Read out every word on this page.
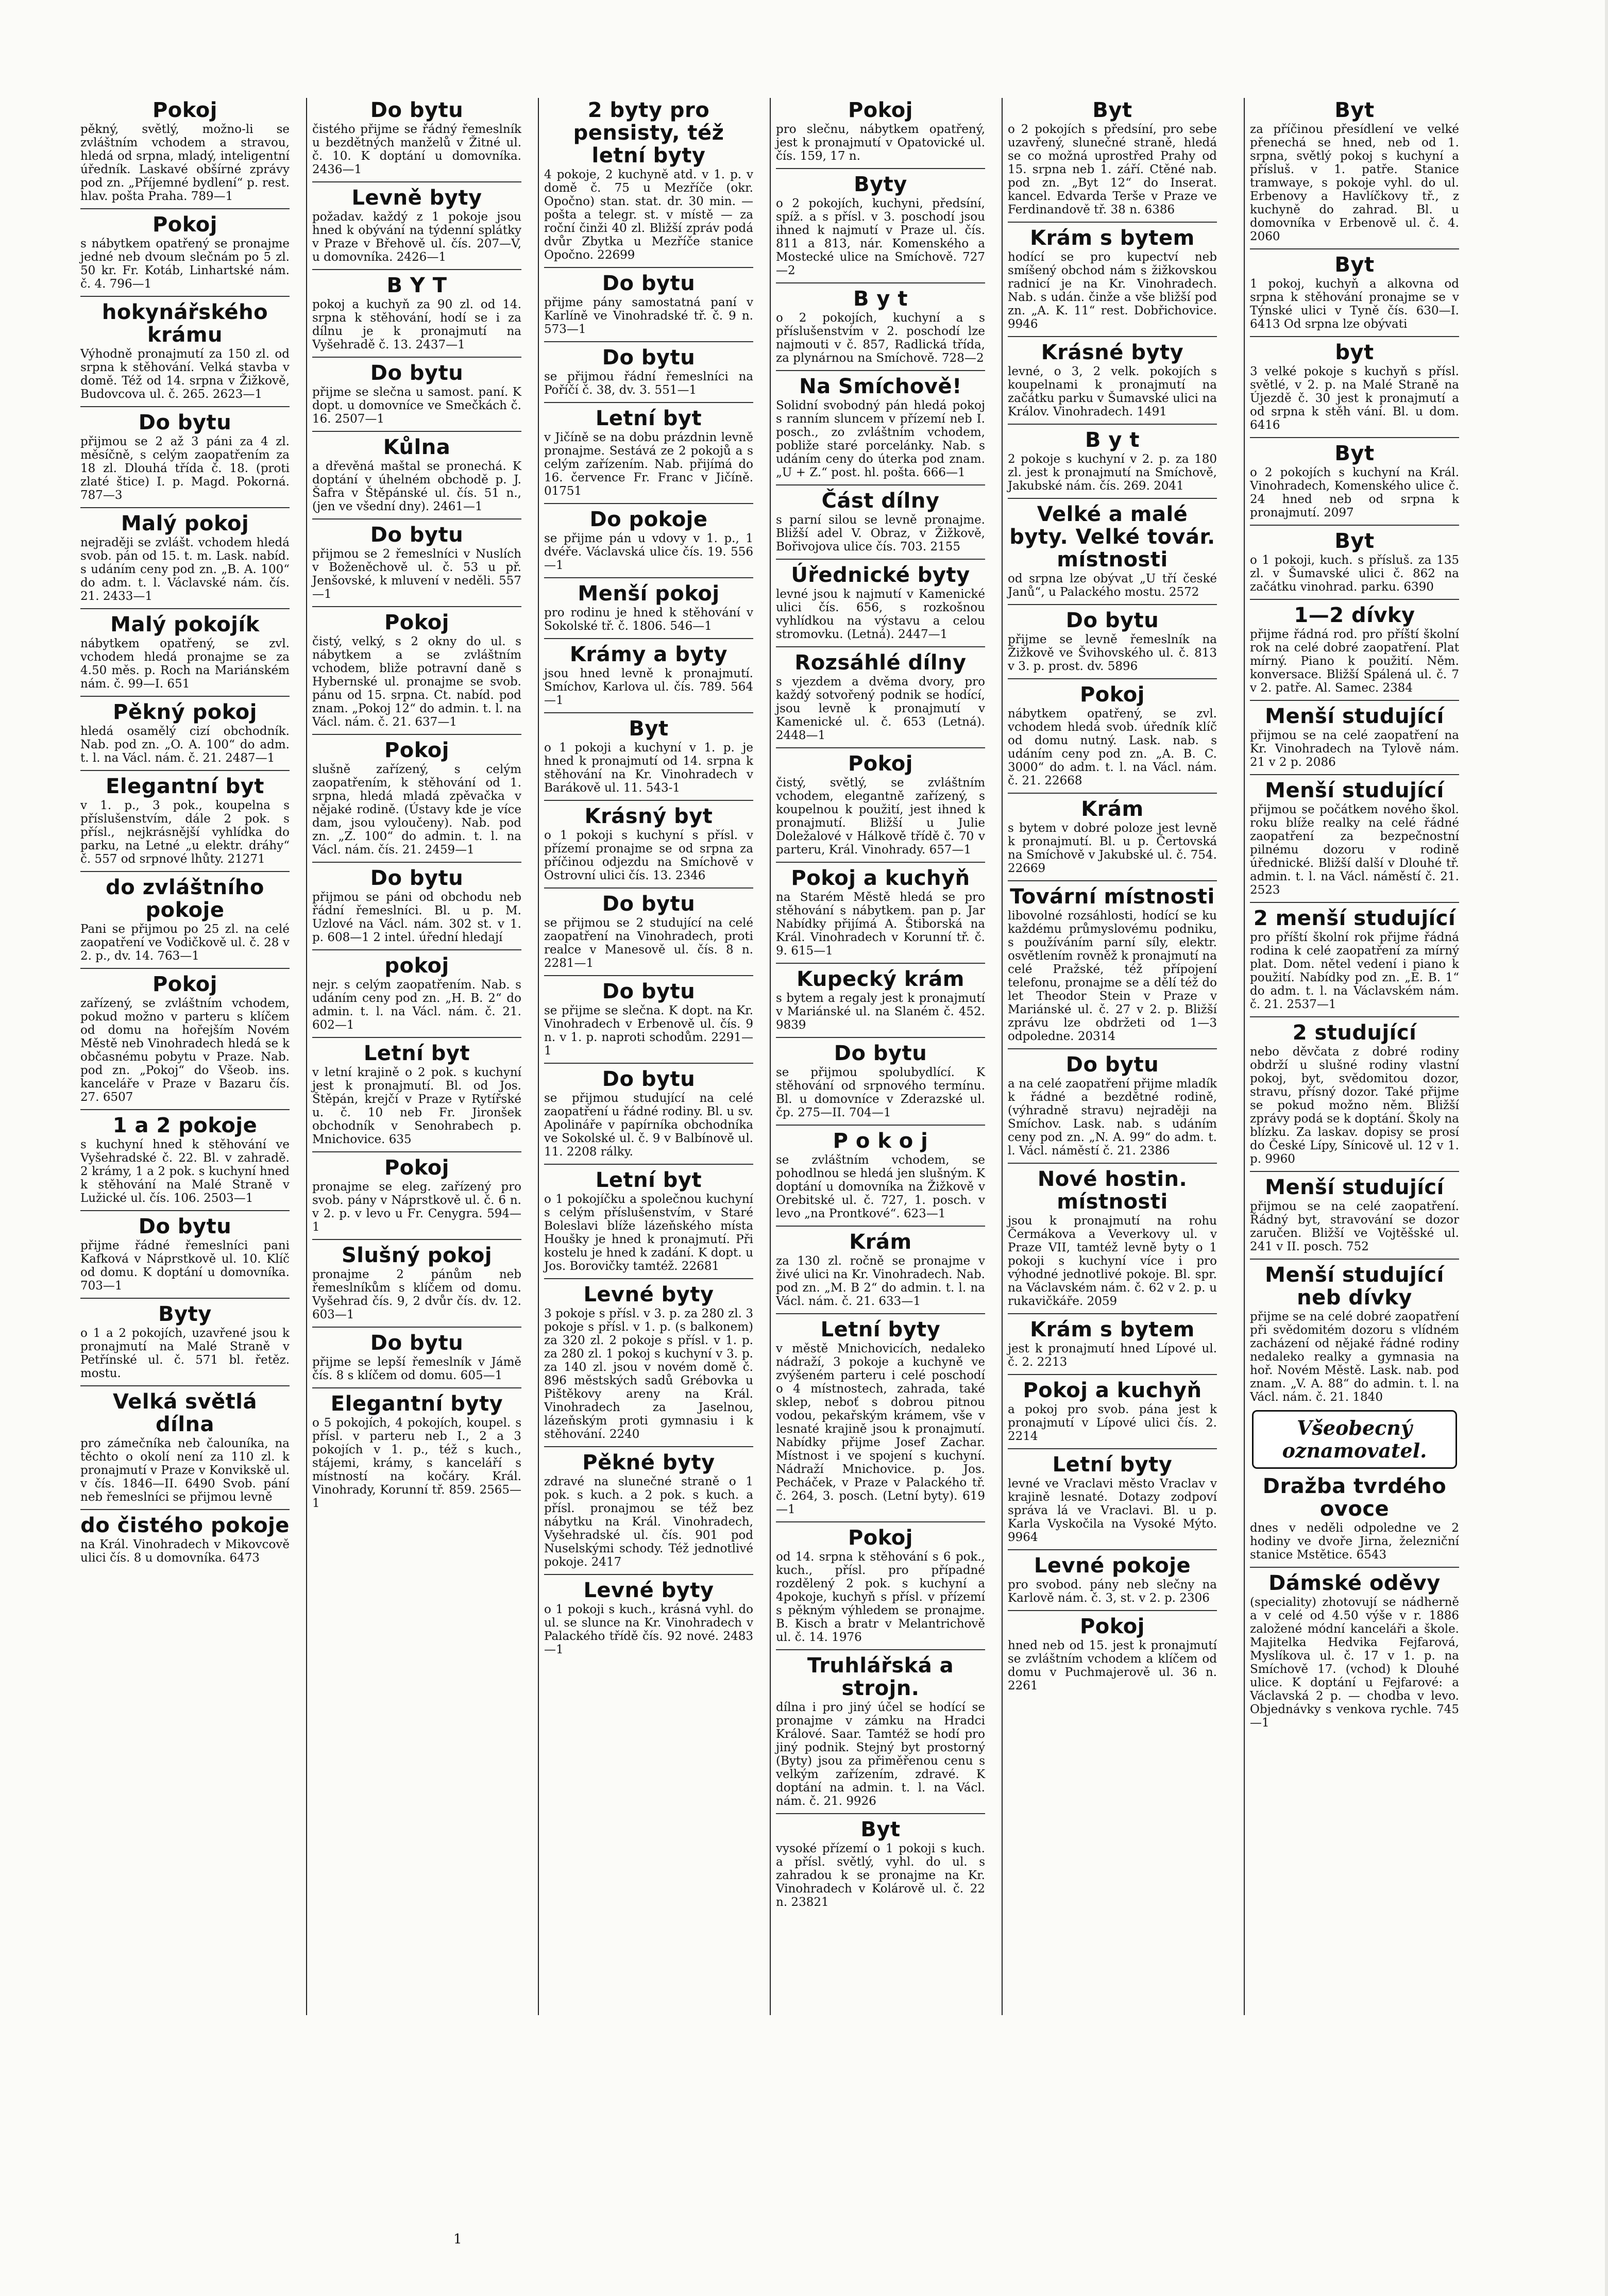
Pokoj

pěkný, světlý, možno-li se zvláštním vchodem a stravou, hledá od srpna, mladý, inteligentní úředník. Laskavé obšírné zprávy pod zn. „Příjemné bydlení“ p. rest. hlav. pošta Praha. 789—1

Pokoj

s nábytkem opatřený se pronajme jedné neb dvoum slečnám po 5 zl. 50 kr. Fr. Kotáb, Linhartské nám. č. 4. 796—1

hokynářského krámu

Výhodně pronajmutí za 150 zl. od srpna k stěhování. Velká stavba v domě. Též od 14. srpna v Žižkově, Budovcova ul. č. 265. 2623—1

Do bytu

přijmou se 2 až 3 páni za 4 zl. měsíčně, s celým zaopatřením za 18 zl. Dlouhá třída č. 18. (proti zlaté štice) I. p. Magd. Pokorná. 787—3

Malý pokoj

nejraději se zvlášt. vchodem hledá svob. pán od 15. t. m. Lask. nabíd. s udáním ceny pod zn. „B. A. 100“ do adm. t. l. Václavské nám. čís. 21. 2433—1

Malý pokojík

nábytkem opatřený, se zvl. vchodem hledá pronajme se za 4.50 měs. p. Roch na Mariánském nám. č. 99—I. 651

Pěkný pokoj

hledá osamělý cizí obchodník. Nab. pod zn. „O. A. 100“ do adm. t. l. na Václ. nám. č. 21. 2487—1

Elegantní byt

v 1. p., 3 pok., koupelna s příslušenstvím, dále 2 pok. s přísl., nejkrásnější vyhlídka do parku, na Letné „u elektr. dráhy“ č. 557 od srpnové lhůty. 21271

do zvláštního pokoje

Pani se přijmou po 25 zl. na celé zaopatření ve Vodičkově ul. č. 28 v 2. p., dv. 14. 763—1

Pokoj

zařízený, se zvláštním vchodem, pokud možno v parteru s klíčem od domu na hořejším Novém Městě neb Vinohradech hledá se k občasnému pobytu v Praze. Nab. pod zn. „Pokoj“ do Všeob. ins. kanceláře v Praze v Bazaru čís. 27. 6507

1 a 2 pokoje

s kuchyní hned k stěhování ve Vyšehradské č. 22. Bl. v zahradě. 2 krámy, 1 a 2 pok. s kuchyní hned k stěhování na Malé Straně v Lužické ul. čís. 106. 2503—1

Do bytu

přijme řádné řemeslníci pani Kafková v Náprstkově ul. 10. Klíč od domu. K doptání u domovníka. 703—1

Byty

o 1 a 2 pokojích, uzavřené jsou k pronajmutí na Malé Straně v Petřínské ul. č. 571 bl. řetěz. mostu.

Velká světlá dílna

pro zámečníka neb čalouníka, na těchto o okolí není za 110 zl. k pronajmutí v Praze v Konvikskě ul. v čís. 1846—II. 6490 Svob. pání neb řemeslníci se přijmou levně

do čistého pokoje

na Král. Vinohradech v Mikovcově ulici čís. 8 u domovníka. 6473

Do bytu

čistého přijme se řádný řemeslník u bezdětných manželů v Žitné ul. č. 10. K doptání u domovníka. 2436—1

Levně byty

požadav. každý z 1 pokoje jsou hned k obývání na týdenní splátky v Praze v Břehově ul. čís. 207—V, u domovníka. 2426—1

B Y T

pokoj a kuchyň za 90 zl. od 14. srpna k stěhování, hodí se i za dílnu je k pronajmutí na Vyšehradě č. 13. 2437—1

Do bytu

přijme se slečna u samost. paní. K dopt. u domovníce ve Smečkách č. 16. 2507—1

Kůlna

a dřevěná maštal se pronechá. K doptání v úhelném obchodě p. J. Šafra v Štěpánské ul. čís. 51 n., (jen ve všední dny). 2461—1

Do bytu

přijmou se 2 řemeslníci v Nuslích v Boženěchově ul. č. 53 u př. Jenšovské, k mluvení v neděli. 557—1

Pokoj

čistý, velký, s 2 okny do ul. s nábytkem a se zvláštním vchodem, bliže potravní daně s Hybernské ul. pronajme se svob. pánu od 15. srpna. Ct. nabíd. pod znam. „Pokoj 12“ do admin. t. l. na Václ. nám. č. 21. 637—1

Pokoj

slušně zařízený, s celým zaopatřením, k stěhování od 1. srpna, hledá mladá zpěvačka v nějaké rodině. (Ústavy kde je více dam, jsou vyloučeny). Nab. pod zn. „Z. 100“ do admin. t. l. na Václ. nám. čís. 21. 2459—1

Do bytu

přijmou se páni od obchodu neb řádní řemeslníci. Bl. u p. M. Uzlové na Václ. nám. 302 st. v 1. p. 608—1 2 intel. úřední hledají

pokoj

nejr. s celým zaopatřením. Nab. s udáním ceny pod zn. „H. B. 2“ do admin. t. l. na Václ. nám. č. 21. 602—1

Letní byt

v letní krajině o 2 pok. s kuchyní jest k pronajmutí. Bl. od Jos. Štěpán, krejčí v Praze v Rytířské u. č. 10 neb Fr. Jironšek obchodník v Senohrabech p. Mnichovice. 635

Pokoj

pronajme se eleg. zařízený pro svob. pány v Náprstkově ul. č. 6 n. v 2. p. v levo u Fr. Cenygra. 594—1

Slušný pokoj

pronajme 2 pánům neb řemeslníkům s klíčem od domu. Vyšehrad čís. 9, 2 dvůr čís. dv. 12. 603—1

Do bytu

přijme se lepší řemeslník v Jámě čís. 8 s klíčem od domu. 605—1

Elegantní byty

o 5 pokojích, 4 pokojích, koupel. s přísl. v parteru neb I., 2 a 3 pokojích v 1. p., též s kuch., stájemi, krámy, s kanceláří s místností na kočáry. Král. Vinohrady, Korunní tř. 859. 2565—1

2 byty pro pensisty, též letní byty

4 pokoje, 2 kuchyně atd. v 1. p. v domě č. 75 u Mezříče (okr. Opočno) stan. stat. dr. 30 min. — pošta a telegr. st. v místě — za roční činži 40 zl. Bližší zpráv podá dvůr Zbytka u Mezříče stanice Opočno. 22699

Do bytu

přijme pány samostatná paní v Karlíně ve Vinohradské tř. č. 9 n. 573—1

Do bytu

se přijmou řádní řemeslníci na Poříčí č. 38, dv. 3. 551—1

Letní byt

v Jičíně se na dobu prázdnin levně pronajme. Sestává ze 2 pokojů a s celým zařízením. Nab. přijímá do 16. července Fr. Franc v Jičíně. 01751

Do pokoje

se přijme pán u vdovy v 1. p., 1 dvéře. Václavská ulice čís. 19. 556—1

Menší pokoj

pro rodinu je hned k stěhování v Sokolské tř. č. 1806. 546—1

Krámy a byty

jsou hned levně k pronajmutí. Smíchov, Karlova ul. čís. 789. 564—1

Byt

o 1 pokoji a kuchyní v 1. p. je hned k pronajmutí od 14. srpna k stěhování na Kr. Vinohradech v Barákově ul. 11. 543-1

Krásný byt

o 1 pokoji s kuchyní s přísl. v přízemí pronajme se od srpna za příčinou odjezdu na Smíchově v Ostrovní ulici čís. 13. 2346

Do bytu

se přijmou se 2 studující na celé zaopatření na Vinohradech, proti realce v Manesově ul. čís. 8 n. 2281—1

Do bytu

se přijme se slečna. K dopt. na Kr. Vinohradech v Erbenově ul. čís. 9 n. v 1. p. naproti schodům. 2291—1

Do bytu

se přijmou studující na celé zaopatření u řádné rodiny. Bl. u sv. Apolináře v papírníka obchodníka ve Sokolské ul. č. 9 v Balbínově ul. 11. 2208 rálky.

Letní byt

o 1 pokojíčku a společnou kuchyní s celým příslušenstvím, v Staré Boleslavi blíže lázeňského místa Houšky je hned k pronajmutí. Při kostelu je hned k zadání. K dopt. u Jos. Borovičky tamtéž. 22681

Levné byty

3 pokoje s přísl. v 3. p. za 280 zl. 3 pokoje s přísl. v 1. p. (s balkonem) za 320 zl. 2 pokoje s přísl. v 1. p. za 280 zl. 1 pokoj s kuchyní v 3. p. za 140 zl. jsou v novém domě č. 896 městských sadů Grébovka u Pištěkovy areny na Král. Vinohradech za Jaselnou, lázeňským proti gymnasiu i k stěhování. 2240

Pěkné byty

zdravé na slunečné straně o 1 pok. s kuch. a 2 pok. s kuch. a přísl. pronajmou se též bez nábytku na Král. Vinohradech, Vyšehradské ul. čís. 901 pod Nuselskými schody. Též jednotlivé pokoje. 2417

Levné byty

o 1 pokoji s kuch., krásná vyhl. do ul. se slunce na Kr. Vinohradech v Palackého třídě čís. 92 nové. 2483—1

Pokoj

pro slečnu, nábytkem opatřený, jest k pronajmutí v Opatovické ul. čís. 159, 17 n.

Byty

o 2 pokojích, kuchyni, předsíní, spíž. a s přísl. v 3. poschodí jsou ihned k najmutí v Praze ul. čís. 811 a 813, nár. Komenského a Mostecké ulice na Smíchově. 727—2

B y t

o 2 pokojích, kuchyní a s příslušenstvím v 2. poschodí lze najmouti v č. 857, Radlická třída, za plynárnou na Smíchově. 728—2

Na Smíchově!

Solidní svobodný pán hledá pokoj s ranním sluncem v přízemí neb I. posch., zo zvláštním vchodem, pobliže staré porcelánky. Nab. s udáním ceny do úterka pod znam. „U + Z.“ post. hl. pošta. 666—1

Část dílny

s parní silou se levně pronajme. Bližší adel V. Obraz, v Žižkově, Bořivojova ulice čís. 703. 2155

Úřednické byty

levné jsou k najmutí v Kamenické ulici čís. 656, s rozkošnou vyhlídkou na výstavu a celou stromovku. (Letná). 2447—1

Rozsáhlé dílny

s vjezdem a dvěma dvory, pro každý sotvořený podnik se hodící, jsou levně k pronajmutí v Kamenické ul. č. 653 (Letná). 2448—1

Pokoj

čistý, světlý, se zvláštním vchodem, elegantně zařízený, s koupelnou k použití, jest ihned k pronajmutí. Bližší u Julie Doležalové v Hálkově třídě č. 70 v parteru, Král. Vinohrady. 657—1

Pokoj a kuchyň

na Starém Městě hledá se pro stěhování s nábytkem. pan p. Jar Nabídky přijímá A. Štiborská na Král. Vinohradech v Korunní tř. č. 9. 615—1

Kupecký krám

s bytem a regaly jest k pronajmutí v Mariánské ul. na Slaném č. 452. 9839

Do bytu

se přijmou spolubydlící. K stěhování od srpnového termínu. Bl. u domovníce v Zderazské ul. čp. 275—II. 704—1

P o k o j

se zvláštním vchodem, se pohodlnou se hledá jen slušným. K doptání u domovníka na Žižkově v Orebitské ul. č. 727, 1. posch. v levo „na Prontkové“. 623—1

Krám

za 130 zl. ročně se pronajme v živé ulici na Kr. Vinohradech. Nab. pod zn. „M. B 2“ do admin. t. l. na Václ. nám. č. 21. 633—1

Letní byty

v městě Mnichovicích, nedaleko nádraží, 3 pokoje a kuchyně ve zvýšeném parteru i celé poschodí o 4 místnostech, zahrada, také sklep, neboť s dobrou pitnou vodou, pekařským krámem, vše v lesnaté krajině jsou k pronajmutí. Nabídky přijme Josef Zachar. Místnost i ve spojení s kuchyní. Nádraží Mnichovice. p. Jos. Pecháček, v Praze v Palackého tř. č. 264, 3. posch. (Letní byty). 619—1

Pokoj

od 14. srpna k stěhování s 6 pok., kuch., přísl. pro případné rozdělený 2 pok. s kuchyní a 4pokoje, kuchyň s přísl. v přízemí s pěkným výhledem se pronajme. B. Kisch a bratr v Melantrichově ul. č. 14. 1976

Truhlářská a strojn.

dílna i pro jiný účel se hodící se pronajme v zámku na Hradci Králové. Saar. Tamtéž se hodí pro jiný podnik. Stejný byt prostorný (Byty) jsou za přiměřenou cenu s velkým zařízením, zdravé. K doptání na admin. t. l. na Václ. nám. č. 21. 9926

Byt

vysoké přízemí o 1 pokoji s kuch. a přísl. světlý, vyhl. do ul. s zahradou k se pronajme na Kr. Vinohradech v Kolárově ul. č. 22 n. 23821

Byt

o 2 pokojích s předsíní, pro sebe uzavřený, slunečné straně, hledá se co možná uprostřed Prahy od 15. srpna neb 1. září. Ctěné nab. pod zn. „Byt 12“ do Inserat. kancel. Edvarda Terše v Praze ve Ferdinandově tř. 38 n. 6386

Krám s bytem

hodící se pro kupectví neb smíšený obchod nám s žižkovskou radnicí je na Kr. Vinohradech. Nab. s udán. činže a vše bližší pod zn. „A. K. 11“ rest. Dobřichovice. 9946

Krásné byty

levné, o 3, 2 velk. pokojích s koupelnami k pronajmutí na začátku parku v Šumavské ulici na Králov. Vinohradech. 1491

B y t

2 pokoje s kuchyní v 2. p. za 180 zl. jest k pronajmutí na Smíchově, Jakubské nám. čís. 269. 2041

Velké a malé byty. Velké továr. místnosti

od srpna lze obývat „U tří české Janů“, u Palackého mostu. 2572

Do bytu

přijme se levně řemeslník na Žižkově ve Švihovského ul. č. 813 v 3. p. prost. dv. 5896

Pokoj

nábytkem opatřený, se zvl. vchodem hledá svob. úředník klíč od domu nutný. Lask. nab. s udáním ceny pod zn. „A. B. C. 3000“ do adm. t. l. na Václ. nám. č. 21. 22668

Krám

s bytem v dobré poloze jest levně k pronajmutí. Bl. u p. Čertovská na Smíchově v Jakubské ul. č. 754. 22669

Tovární místnosti

libovolné rozsáhlosti, hodící se ku každému průmyslovému podniku, s používáním parní síly, elektr. osvětlením rovněž k pronajmutí na celé Pražské, též přípojení telefonu, pronajme se a dělí též do let Theodor Stein v Praze v Mariánské ul. č. 27 v 2. p. Bližší zprávu lze obdržeti od 1—3 odpoledne. 20314

Do bytu

a na celé zaopatření přijme mladík k řádné a bezdětné rodině, (výhradně stravu) nejraději na Smíchov. Lask. nab. s udáním ceny pod zn. „N. A. 99“ do adm. t. l. Václ. náměstí č. 21. 2386

Nové hostin. místnosti

jsou k pronajmutí na rohu Čermákova a Veverkovy ul. v Praze VII, tamtéž levně byty o 1 pokoji s kuchyní více i pro výhodné jednotlivé pokoje. Bl. spr. na Václavském nám. č. 62 v 2. p. u rukavičkáře. 2059

Krám s bytem

jest k pronajmutí hned Lípové ul. č. 2. 2213

Pokoj a kuchyň

a pokoj pro svob. pána jest k pronajmutí v Lípové ulici čís. 2. 2214

Letní byty

levné ve Vraclavi město Vraclav v krajině lesnaté. Dotazy zodpoví správa lá ve Vraclavi. Bl. u p. Karla Vyskočila na Vysoké Mýto. 9964

Levné pokoje

pro svobod. pány neb slečny na Karlově nám. č. 3, st. v 2. p. 2306

Pokoj

hned neb od 15. jest k pronajmutí se zvláštním vchodem a klíčem od domu v Puchmajerově ul. 36 n. 2261

Byt

za příčinou přesídlení ve velké přenechá se hned, neb od 1. srpna, světlý pokoj s kuchyní a přísluš. v 1. patře. Stanice tramwaye, s pokoje vyhl. do ul. Erbenovy a Havlíčkovy tř., z kuchyně do zahrad. Bl. u domovníka v Erbenově ul. č. 4. 2060

Byt

1 pokoj, kuchyň a alkovna od srpna k stěhování pronajme se v Týnské ulici v Tyně čís. 630—I. 6413 Od srpna lze obývati

byt

3 velké pokoje s kuchyň s přísl. světlé, v 2. p. na Malé Straně na Újezdě č. 30 jest k pronajmutí a od srpna k stěh vání. Bl. u dom. 6416

Byt

o 2 pokojích s kuchyní na Král. Vinohradech, Komenského ulice č. 24 hned neb od srpna k pronajmutí. 2097

Byt

o 1 pokoji, kuch. s přísluš. za 135 zl. v Šumavské ulici č. 862 na začátku vinohrad. parku. 6390

1—2 dívky

přijme řádná rod. pro příští školní rok na celé dobré zaopatření. Plat mírný. Piano k použití. Něm. konversace. Bližší Spálená ul. č. 7 v 2. patře. Al. Samec. 2384

Menší studující

přijmou se na celé zaopatření na Kr. Vinohradech na Tylově nám. 21 v 2 p. 2086

Menší studující

přijmou se počátkem nového škol. roku blíže realky na celé řádné zaopatření za bezpečnostní pilnému dozoru v rodině úřednické. Bližší další v Dlouhé tř. admin. t. l. na Václ. náměstí č. 21. 2523

2 menší studující

pro příští školní rok přijme řádná rodina k celé zaopatření za mírný plat. Dom. nětel vedení i piano k použití. Nabídky pod zn. „E. B. 1“ do adm. t. l. na Václavském nám. č. 21. 2537—1

2 studující

nebo děvčata z dobré rodiny obdrží u slušné rodiny vlastní pokoj, byt, svědomitou dozor, stravu, přísný dozor. Také přijme se pokud možno něm. Bližší zprávy podá se k doptání. Školy na blízku. Za laskav. dopisy se prosí do České Lípy, Sínicově ul. 12 v 1. p. 9960

Menší studující

přijmou se na celé zaopatření. Řádný byt, stravování se dozor zaručen. Bližší ve Vojtěšské ul. 241 v II. posch. 752

Menší studující neb dívky

přijme se na celé dobré zaopatření při svědomitém dozoru s vlídném zacházení od nějaké řádné rodiny nedaleko realky a gymnasia na hoř. Novém Městě. Lask. nab. pod znam. „V. A. 88“ do admin. t. l. na Václ. nám. č. 21. 1840

Všeobecný
oznamovatel.
Dražba tvrdého ovoce

dnes v neděli odpoledne ve 2 hodiny ve dvoře Jirna, železniční stanice Mstětice. 6543

Dámské oděvy

(speciality) zhotovují se nádherně a v celé od 4.50 výše v r. 1886 založené módní kanceláři a škole. Majitelka Hedvika Fejfarová, Myslíkova ul. č. 17 v 1. p. na Smíchově 17. (vchod) k Dlouhé ulice. K doptání u Fejfarové: a Václavská 2 p. — chodba v levo. Objednávky s venkova rychle. 745—1

1
